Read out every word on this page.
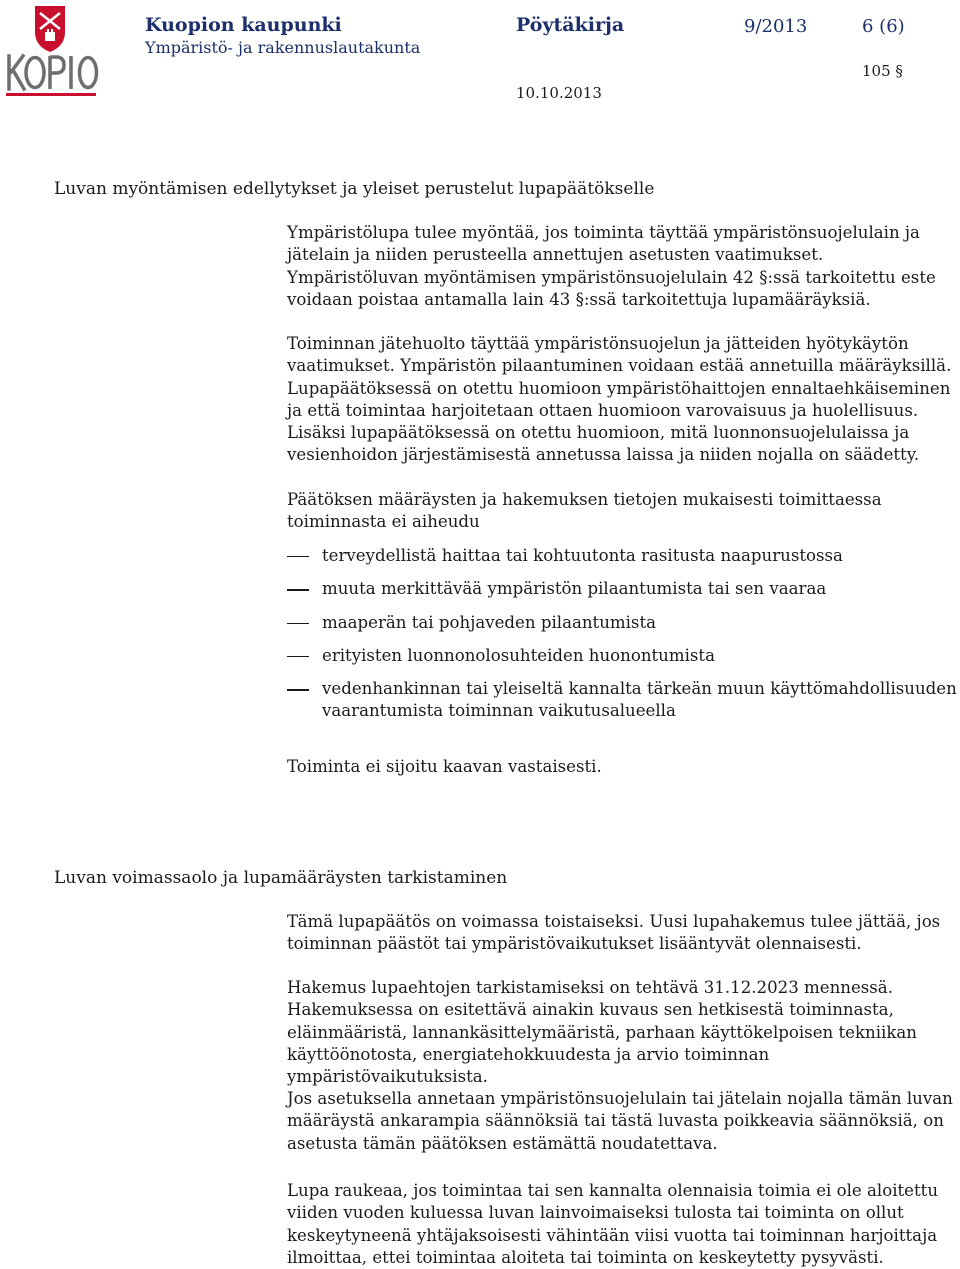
Kuopion kaupunki
Ympäristö- ja rakennuslautakunta
Pöytäkirja	9/2013	6 (6)
105 §
10.10.2013
Luvan myöntämisen edellytykset ja yleiset perustelut lupapäätökselle

Ympäristölupa tulee myöntää, jos toiminta täyttää ympäristönsuojelulain ja jätelain ja niiden perusteella annettujen asetusten vaatimukset. Ympäristöluvan myöntämisen ympäristönsuojelulain 42 §:ssä tarkoitettu este voidaan poistaa antamalla lain 43 §:ssä tarkoitettuja lupamääräyksiä.

Toiminnan jätehuolto täyttää ympäristönsuojelun ja jätteiden hyötykäytön vaatimukset. Ympäristön pilaantuminen voidaan estää annetuilla määräyksillä. Lupapäätöksessä on otettu huomioon ympäristöhaittojen ennaltaehkäiseminen ja että toimintaa harjoitetaan ottaen huomioon varovaisuus ja huolellisuus. Lisäksi lupapäätöksessä on otettu huomioon, mitä luonnonsuojelulaissa ja vesienhoidon järjestämisestä annetussa laissa ja niiden nojalla on säädetty.

Päätöksen määräysten ja hakemuksen tietojen mukaisesti toimittaessa toiminnasta ei aiheudu

terveydellistä haittaa tai kohtuutonta rasitusta naapurustossa
muuta merkittävää ympäristön pilaantumista tai sen vaaraa
maaperän tai pohjaveden pilaantumista
erityisten luonnonolosuhteiden huonontumista
vedenhankinnan tai yleiseltä kannalta tärkeän muun käyttömahdollisuuden vaarantumista toiminnan vaikutusalueella

Toiminta ei sijoitu kaavan vastaisesti.

Luvan voimassaolo ja lupamääräysten tarkistaminen

Tämä lupapäätös on voimassa toistaiseksi. Uusi lupahakemus tulee jättää, jos toiminnan päästöt tai ympäristövaikutukset lisääntyvät olennaisesti.

Hakemus lupaehtojen tarkistamiseksi on tehtävä 31.12.2023 mennessä. Hakemuksessa on esitettävä ainakin kuvaus sen hetkisestä toiminnasta, eläinmääristä, lannankäsittelymääristä, parhaan käyttökelpoisen tekniikan käyttöönotosta, energiatehokkuudesta ja arvio toiminnan ympäristövaikutuksista.

Jos asetuksella annetaan ympäristönsuojelulain tai jätelain nojalla tämän luvan määräystä ankarampia säännöksiä tai tästä luvasta poikkeavia säännöksiä, on asetusta tämän päätöksen estämättä noudatettava.

Lupa raukeaa, jos toimintaa tai sen kannalta olennaisia toimia ei ole aloitettu viiden vuoden kuluessa luvan lainvoimaiseksi tulosta tai toiminta on ollut keskeytyneenä yhtäjaksoisesti vähintään viisi vuotta tai toiminnan harjoittaja ilmoittaa, ettei toimintaa aloiteta tai toiminta on keskeytetty pysyvästi.
